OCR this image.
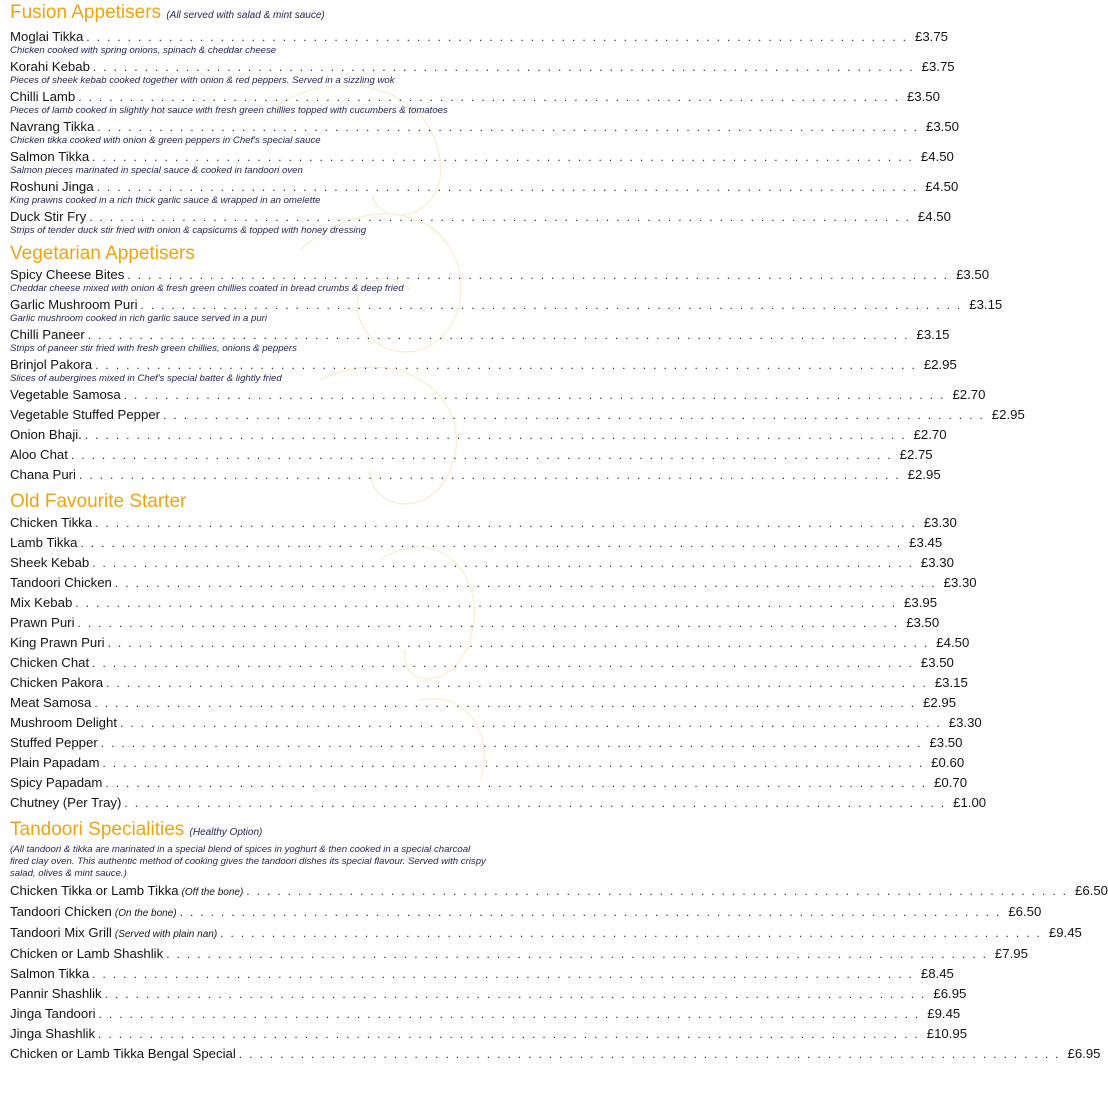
Fusion Appetisers (All served with salad & mint sauce)
Moglai Tikka ................................................................................ £3.75
Chicken cooked with spring onions, spinach & cheddar cheese
Korahi Kebab ................................................................................ £3.75
Pieces of sheek kebab cooked together with onion & red peppers. Served in a sizzling wok
Chilli Lamb ................................................................................ £3.50
Pieces of lamb cooked in slightly hot sauce with fresh green chillies topped with cucumbers & tomatoes
Navrang Tikka ................................................................................ £3.50
Chicken tikka cooked with onion & green peppers in Chef's special sauce
Salmon Tikka ................................................................................ £4.50
Salmon pieces marinated in special sauce & cooked in tandoori oven
Roshuni Jinga ................................................................................ £4.50
King prawns cooked in a rich thick garlic sauce & wrapped in an omelette
Duck Stir Fry ................................................................................ £4.50
Strips of tender duck stir fried with onion & capsicums & topped with honey dressing
Vegetarian Appetisers
Spicy Cheese Bites ................................................................................ £3.50
Cheddar cheese mixed with onion & fresh green chillies coated in bread crumbs & deep fried
Garlic Mushroom Puri ................................................................................ £3.15
Garlic mushroom cooked in rich garlic sauce served in a puri
Chilli Paneer ................................................................................ £3.15
Strips of paneer stir fried with fresh green chillies, onions & peppers
Brinjol Pakora ................................................................................ £2.95
Slices of aubergines mixed in Chef's special batter & lightly fried
Vegetable Samosa ................................................................................ £2.70
Vegetable Stuffed Pepper ................................................................................ £2.95
Onion Bhaji. ................................................................................ £2.70
Aloo Chat ................................................................................ £2.75
Chana Puri ................................................................................ £2.95
Old Favourite Starter
Chicken Tikka ................................................................................ £3.30
Lamb Tikka ................................................................................ £3.45
Sheek Kebab ................................................................................ £3.30
Tandoori Chicken ................................................................................ £3.30
Mix Kebab ................................................................................ £3.95
Prawn Puri ................................................................................ £3.50
King Prawn Puri ................................................................................ £4.50
Chicken Chat ................................................................................ £3.50
Chicken Pakora ................................................................................ £3.15
Meat Samosa ................................................................................ £2.95
Mushroom Delight ................................................................................ £3.30
Stuffed Pepper ................................................................................ £3.50
Plain Papadam ................................................................................ £0.60
Spicy Papadam ................................................................................ £0.70
Chutney (Per Tray) ................................................................................ £1.00
Tandoori Specialities (Healthy Option)
(All tandoori & tikka are marinated in a special blend of spices in yoghurt & then cooked in a special charcoal fired clay oven. This authentic method of cooking gives the tandoori dishes its special flavour. Served with crispy salad, olives & mint sauce.)
Chicken Tikka or Lamb Tikka (Off the bone) ................................................................................ £6.50
Tandoori Chicken (On the bone) ................................................................................ £6.50
Tandoori Mix Grill (Served with plain nan) ................................................................................ £9.45
Chicken or Lamb Shashlik ................................................................................ £7.95
Salmon Tikka ................................................................................ £8.45
Pannir Shashlik ................................................................................ £6.95
Jinga Tandoori ................................................................................ £9.45
Jinga Shashlik ................................................................................ £10.95
Chicken or Lamb Tikka Bengal Special ................................................................................ £6.95
